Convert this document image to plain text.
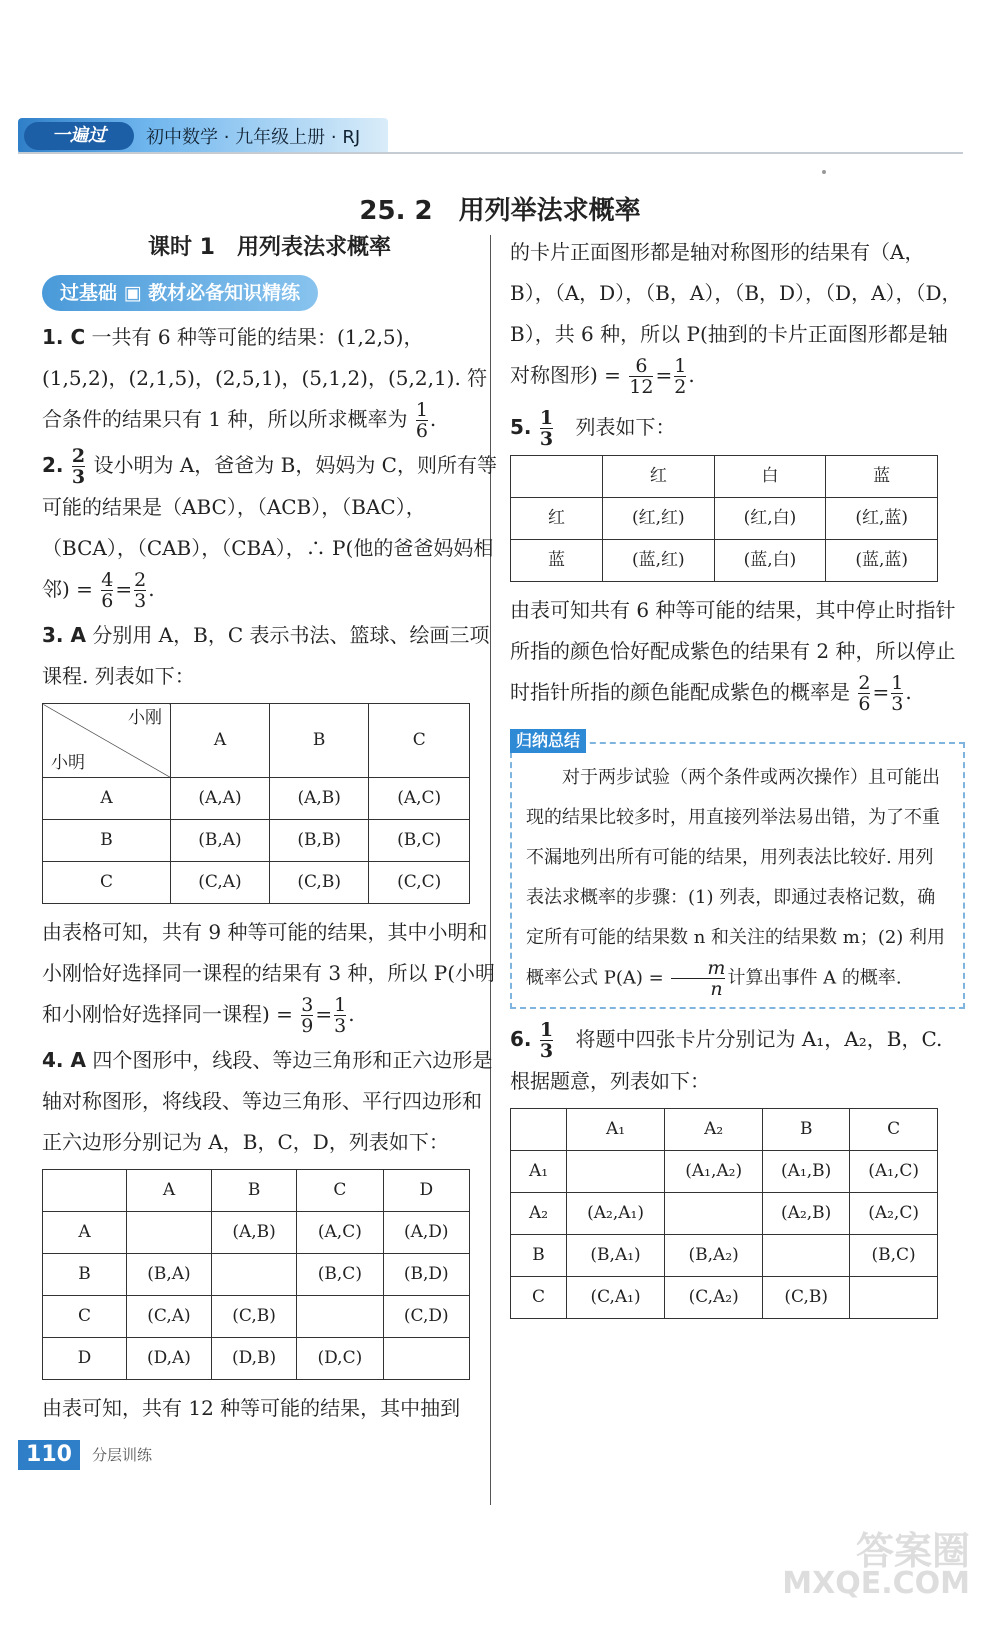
一遍过	初中数学 · 九年级上册 · RJ
25. 2　用列举法求概率
课时 1　用列表法求概率
过基础 ▣ 教材必备知识精练

1. C 一共有 6 种等可能的结果：(1,2,5)，(1,5,2)，(2,1,5)，(2,5,1)，(5,1,2)，(5,2,1). 符合条件的结果只有 1 种，所以所求概率为 $\frac{1}{6}$ .

2. $\frac{2}{3}$ 设小明为 A，爸爸为 B，妈妈为 C，则所有等可能的结果是（ABC），（ACB），（BAC），（BCA），（CAB），（CBA），∴ P(他的爸爸妈妈相邻) = $\frac{4}{6} = \frac{2}{3}$ .

3. A 分别用 A，B，C 表示书法、篮球、绘画三项课程. 列表如下：

小刚
小明	A	B	C
A	(A,A)	(A,B)	(A,C)
B	(B,A)	(B,B)	(B,C)
C	(C,A)	(C,B)	(C,C)

由表格可知，共有 9 种等可能的结果，其中小明和小刚恰好选择同一课程的结果有 3 种，所以 P(小明和小刚恰好选择同一课程) = $\frac{3}{9} = \frac{1}{3}$ .

4. A 四个图形中，线段、等边三角形和正六边形是轴对称图形，将线段、等边三角形、平行四边形和正六边形分别记为 A，B，C，D，列表如下：

	A	B	C	D
A		(A,B)	(A,C)	(A,D)
B	(B,A)		(B,C)	(B,D)
C	(C,A)	(C,B)		(C,D)
D	(D,A)	(D,B)	(D,C)	

由表可知，共有 12 种等可能的结果，其中抽到

的卡片正面图形都是轴对称图形的结果有（A，B），（A，D），（B，A），（B，D），（D，A），（D，B），共 6 种，所以 P(抽到的卡片正面图形都是轴对称图形) = $\frac{6}{12} = \frac{1}{2}$ .

5. $\frac{1}{3}$ 列表如下：

	红	白	蓝
红	(红,红)	(红,白)	(红,蓝)
蓝	(蓝,红)	(蓝,白)	(蓝,蓝)

由表可知共有 6 种等可能的结果，其中停止时指针所指的颜色恰好配成紫色的结果有 2 种，所以停止时指针所指的颜色能配成紫色的概率是 $\frac{2}{6} = \frac{1}{3}$ .

归纳总结

对于两步试验（两个条件或两次操作）且可能出现的结果比较多时，用直接列举法易出错，为了不重不漏地列出所有可能的结果，用列表法比较好. 用列表法求概率的步骤：(1) 列表，即通过表格记数，确定所有可能的结果数 n 和关注的结果数 m；(2) 利用概率公式 $P(A) = \frac{m}{n}$ 计算出事件 A 的概率.

6. $\frac{1}{3}$ 将题中四张卡片分别记为 A₁，A₂，B，C.

根据题意，列表如下：

	A₁	A₂	B	C
A₁		(A₁,A₂)	(A₁,B)	(A₁,C)
A₂	(A₂,A₁)		(A₂,B)	(A₂,C)
B	(B,A₁)	(B,A₂)		(B,C)
C	(C,A₁)	(C,A₂)	(C,B)	
110	分层训练
答案圈
MXQE.COM
